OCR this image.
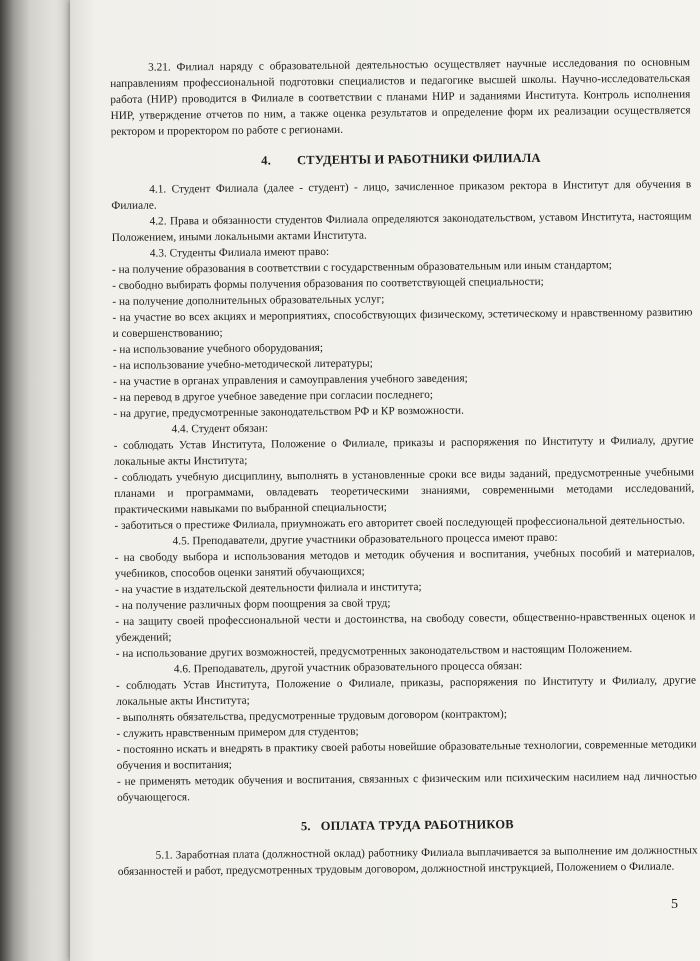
3.21. Филиал наряду с образовательной деятельностью осуществляет научные исследования по основным направлениям профессиональной подготовки специалистов и педагогике высшей школы. Научно-исследовательская работа (НИР) проводится в Филиале в соответствии с планами НИР и заданиями Института. Контроль исполнения НИР, утверждение отчетов по ним, а также оценка результатов и определение форм их реализации осуществляется ректором и проректором по работе с регионами.

4. СТУДЕНТЫ И РАБОТНИКИ ФИЛИАЛА

4.1. Студент Филиала (далее - студент) - лицо, зачисленное приказом ректора в Институт для обучения в Филиале.

4.2. Права и обязанности студентов Филиала определяются законодательством, уставом Института, настоящим Положением, иными локальными актами Института.

4.3. Студенты Филиала имеют право:

- на получение образования в соответствии с государственным образовательным или иным стандартом;

- свободно выбирать формы получения образования по соответствующей специальности;

- на получение дополнительных образовательных услуг;

- на участие во всех акциях и мероприятиях, способствующих физическому, эстетическому и нравственному развитию и совершенствованию;

- на использование учебного оборудования;

- на использование учебно-методической литературы;

- на участие в органах управления и самоуправления учебного заведения;

- на перевод в другое учебное заведение при согласии последнего;

- на другие, предусмотренные законодательством РФ и КР возможности.

4.4. Студент обязан:

- соблюдать Устав Института, Положение о Филиале, приказы и распоряжения по Институту и Филиалу, другие локальные акты Института;

- соблюдать учебную дисциплину, выполнять в установленные сроки все виды заданий, предусмотренные учебными планами и программами, овладевать теоретическими знаниями, современными методами исследований, практическими навыками по выбранной специальности;

- заботиться о престиже Филиала, приумножать его авторитет своей последующей профессиональной деятельностью.

4.5. Преподаватели, другие участники образовательного процесса имеют право:

- на свободу выбора и использования методов и методик обучения и воспитания, учебных пособий и материалов, учебников, способов оценки занятий обучающихся;

- на участие в издательской деятельности филиала и института;

- на получение различных форм поощрения за свой труд;

- на защиту своей профессиональной чести и достоинства, на свободу совести, общественно-нравственных оценок и убеждений;

- на использование других возможностей, предусмотренных законодательством и настоящим Положением.

4.6. Преподаватель, другой участник образовательного процесса обязан:

- соблюдать Устав Института, Положение о Филиале, приказы, распоряжения по Институту и Филиалу, другие локальные акты Института;

- выполнять обязательства, предусмотренные трудовым договором (контрактом);

- служить нравственным примером для студентов;

- постоянно искать и внедрять в практику своей работы новейшие образовательные технологии, современные методики обучения и воспитания;

- не применять методик обучения и воспитания, связанных с физическим или психическим насилием над личностью обучающегося.

5. ОПЛАТА ТРУДА РАБОТНИКОВ

5.1. Заработная плата (должностной оклад) работнику Филиала выплачивается за выполнение им должностных обязанностей и работ, предусмотренных трудовым договором, должностной инструкцией, Положением о Филиале.

5
